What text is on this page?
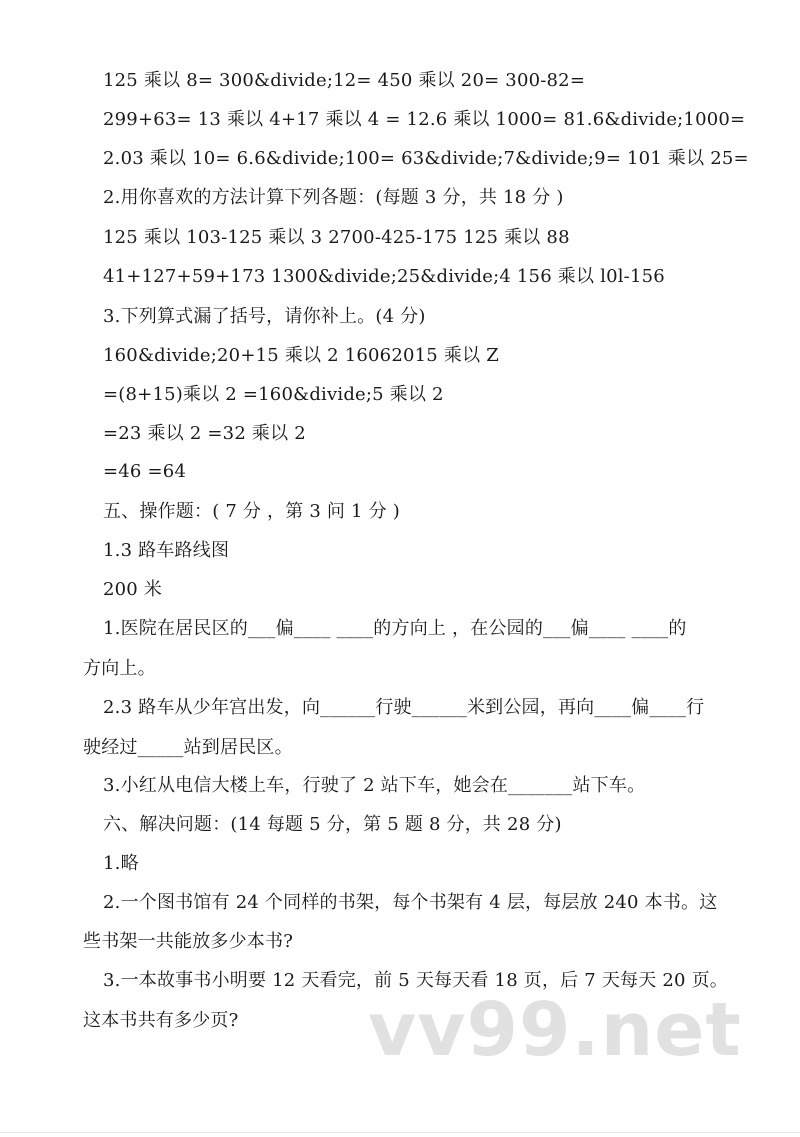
125 乘以 8= 300&divide;12= 450 乘以 20= 300-82=
299+63= 13 乘以 4+17 乘以 4 = 12.6 乘以 1000= 81.6&divide;1000=
2.03 乘以 10= 6.6&divide;100= 63&divide;7&divide;9= 101 乘以 25=
2.用你喜欢的方法计算下列各题：(每题 3 分，共 18 分 )
125 乘以 103-125 乘以 3 2700-425-175 125 乘以 88
41+127+59+173 1300&divide;25&divide;4 156 乘以 l0l-156
3.下列算式漏了括号，请你补上。(4 分)
160&divide;20+15 乘以 2 16062015 乘以 Z
=(8+15)乘以 2 =160&divide;5 乘以 2
=23 乘以 2 =32 乘以 2
=46 =64
五、操作题：( 7 分 ，第 3 问 1 分 )
1.3 路车路线图
200 米
1.医院在居民区的___偏____ ____的方向上 ，在公园的___偏____ ____的
方向上。
2.3 路车从少年宫出发，向______行驶______米到公园，再向____偏____行
驶经过_____站到居民区。
3.小红从电信大楼上车，行驶了 2 站下车，她会在_______站下车。
六、解决问题：(14 每题 5 分，第 5 题 8 分，共 28 分)
1.略
2.一个图书馆有 24 个同样的书架，每个书架有 4 层，每层放 240 本书。这
些书架一共能放多少本书?
3.一本故事书小明要 12 天看完，前 5 天每天看 18 页，后 7 天每天 20 页。
这本书共有多少页? vv99.net
